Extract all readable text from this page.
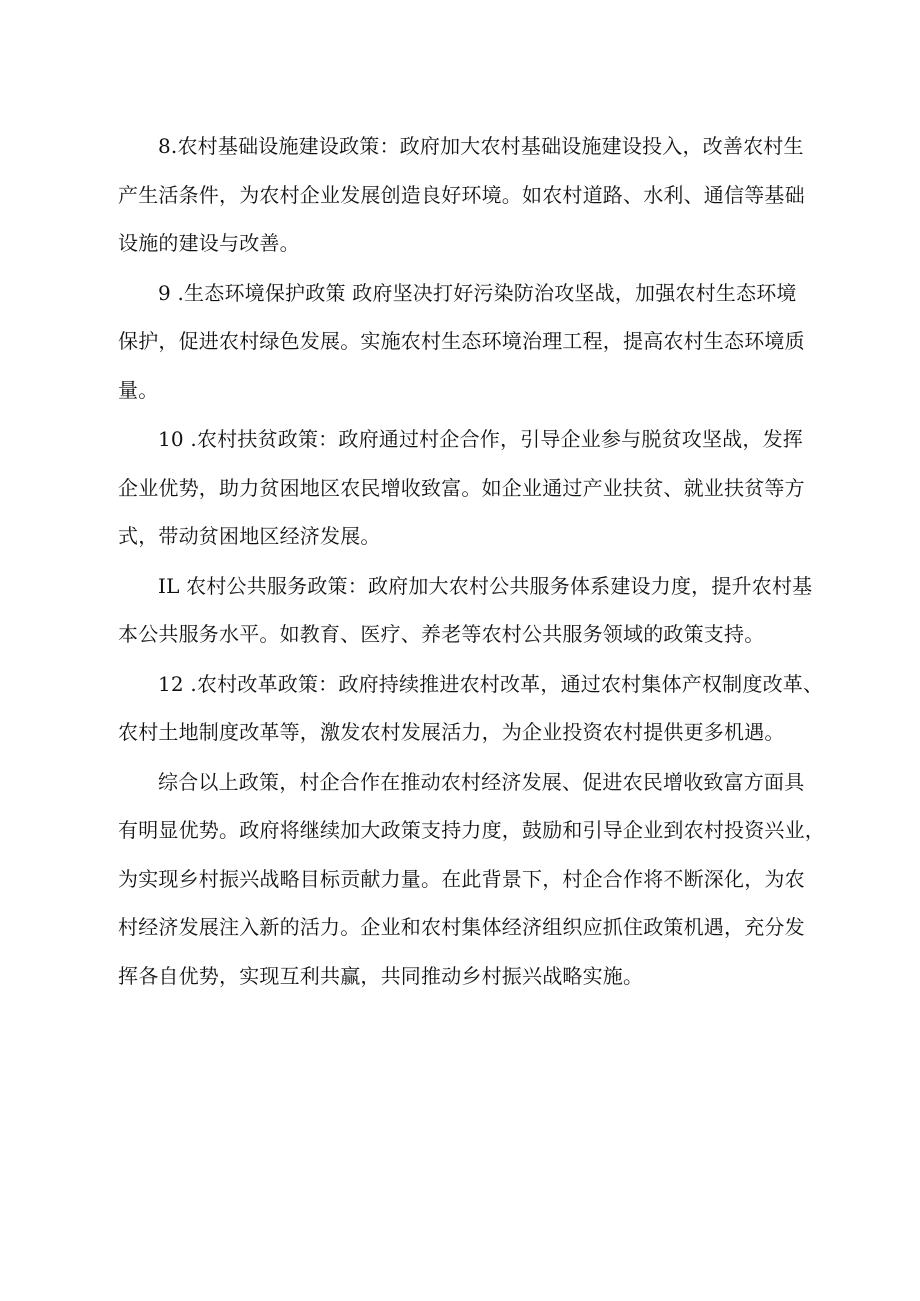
8.农村基础设施建设政策：政府加大农村基础设施建设投入，改善农村生
产生活条件，为农村企业发展创造良好环境。如农村道路、水利、通信等基础
设施的建设与改善。

9 .生态环境保护政策 政府坚决打好污染防治攻坚战，加强农村生态环境
保护，促进农村绿色发展。实施农村生态环境治理工程，提高农村生态环境质
量。

10 .农村扶贫政策：政府通过村企合作，引导企业参与脱贫攻坚战，发挥
企业优势，助力贫困地区农民增收致富。如企业通过产业扶贫、就业扶贫等方
式，带动贫困地区经济发展。

IL 农村公共服务政策：政府加大农村公共服务体系建设力度，提升农村基
本公共服务水平。如教育、医疗、养老等农村公共服务领域的政策支持。

12 .农村改革政策：政府持续推进农村改革，通过农村集体产权制度改革、
农村土地制度改革等，激发农村发展活力，为企业投资农村提供更多机遇。

综合以上政策，村企合作在推动农村经济发展、促进农民增收致富方面具
有明显优势。政府将继续加大政策支持力度，鼓励和引导企业到农村投资兴业，
为实现乡村振兴战略目标贡献力量。在此背景下，村企合作将不断深化，为农
村经济发展注入新的活力。企业和农村集体经济组织应抓住政策机遇，充分发
挥各自优势，实现互利共赢，共同推动乡村振兴战略实施。
